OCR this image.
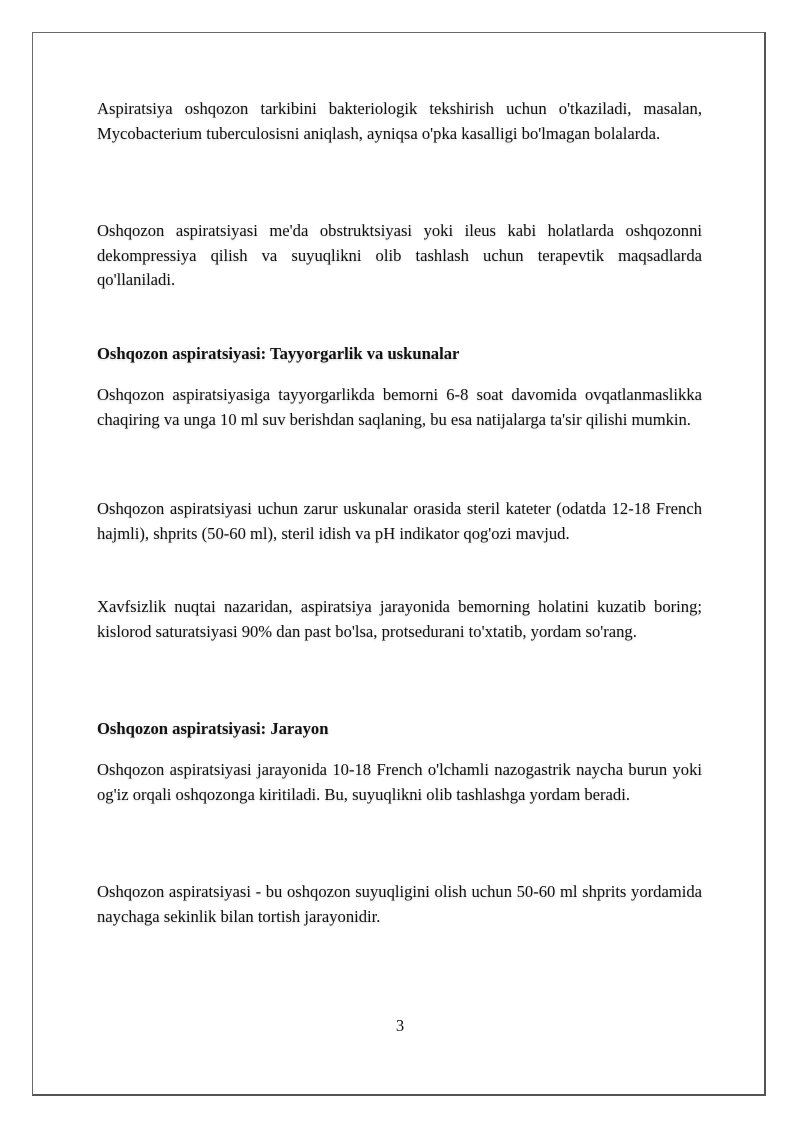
Aspiratsiya oshqozon tarkibini bakteriologik tekshirish uchun o'tkaziladi, masalan, Mycobacterium tuberculosisni aniqlash, ayniqsa o'pka kasalligi bo'lmagan bolalarda.

Oshqozon aspiratsiyasi me'da obstruktsiyasi yoki ileus kabi holatlarda oshqozonni dekompressiya qilish va suyuqlikni olib tashlash uchun terapevtik maqsadlarda qo'llaniladi.

Oshqozon aspiratsiyasi: Tayyorgarlik va uskunalar

Oshqozon aspiratsiyasiga tayyorgarlikda bemorni 6-8 soat davomida ovqatlanmaslikka chaqiring va unga 10 ml suv berishdan saqlaning, bu esa natijalarga ta'sir qilishi mumkin.

Oshqozon aspiratsiyasi uchun zarur uskunalar orasida steril kateter (odatda 12-18 French hajmli), shprits (50-60 ml), steril idish va pH indikator qog'ozi mavjud.

Xavfsizlik nuqtai nazaridan, aspiratsiya jarayonida bemorning holatini kuzatib boring; kislorod saturatsiyasi 90% dan past bo'lsa, protsedurani to'xtatib, yordam so'rang.

Oshqozon aspiratsiyasi: Jarayon

Oshqozon aspiratsiyasi jarayonida 10-18 French o'lchamli nazogastrik naycha burun yoki og'iz orqali oshqozonga kiritiladi. Bu, suyuqlikni olib tashlashga yordam beradi.

Oshqozon aspiratsiyasi - bu oshqozon suyuqligini olish uchun 50-60 ml shprits yordamida naychaga sekinlik bilan tortish jarayonidir.

3
